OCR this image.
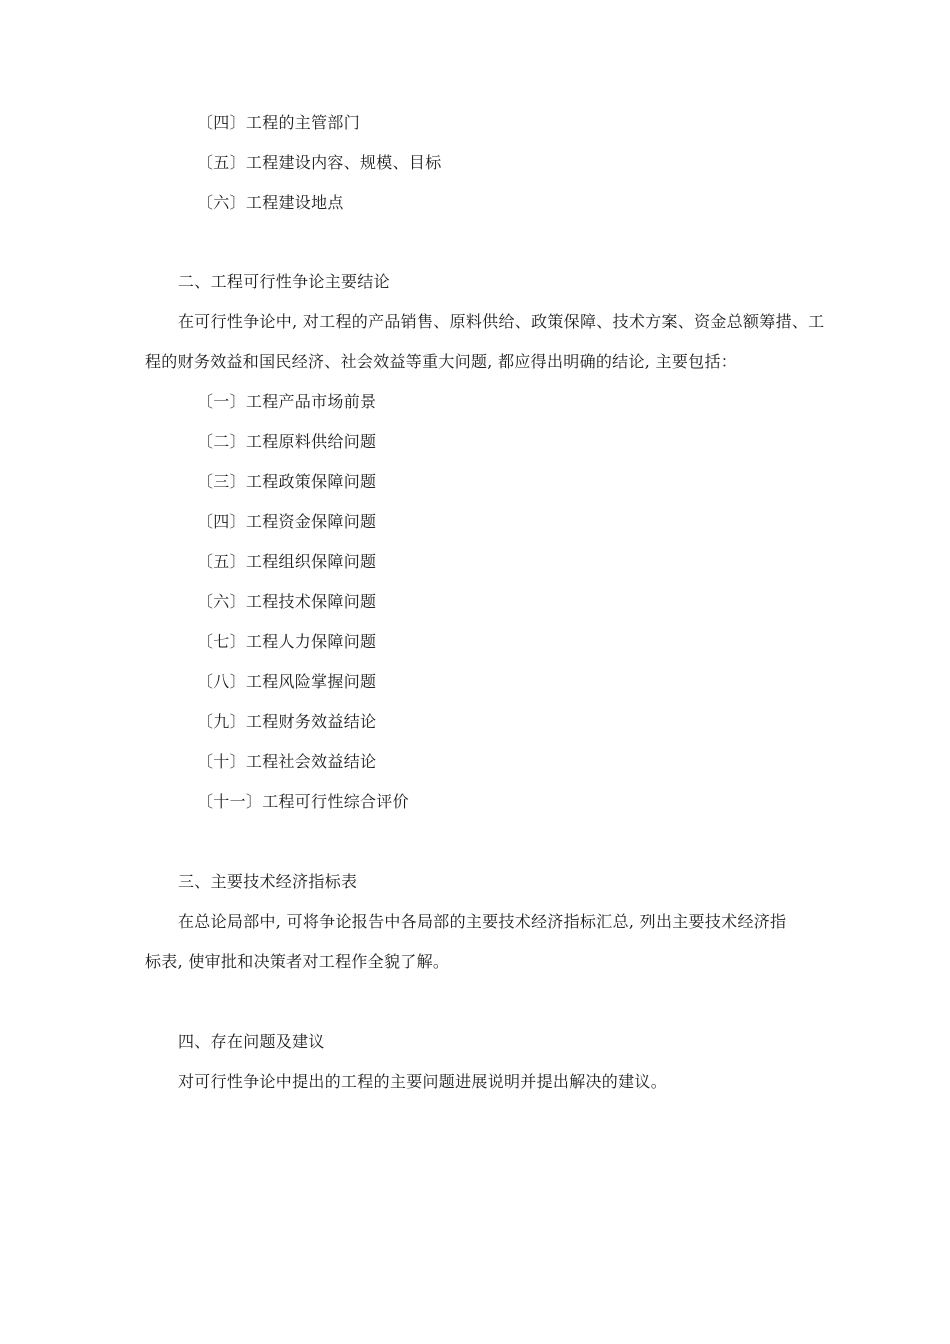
〔四〕工程的主管部门
〔五〕工程建设内容、规模、目标
〔六〕工程建设地点
二、工程可行性争论主要结论
在可行性争论中, 对工程的产品销售、原料供给、政策保障、技术方案、资金总额筹措、工
程的财务效益和国民经济、社会效益等重大问题, 都应得出明确的结论, 主要包括：
〔一〕工程产品市场前景
〔二〕工程原料供给问题
〔三〕工程政策保障问题
〔四〕工程资金保障问题
〔五〕工程组织保障问题
〔六〕工程技术保障问题
〔七〕工程人力保障问题
〔八〕工程风险掌握问题
〔九〕工程财务效益结论
〔十〕工程社会效益结论
〔十一〕工程可行性综合评价
三、主要技术经济指标表
在总论局部中, 可将争论报告中各局部的主要技术经济指标汇总, 列出主要技术经济指
标表, 使审批和决策者对工程作全貌了解。
四、存在问题及建议
对可行性争论中提出的工程的主要问题进展说明并提出解决的建议。
